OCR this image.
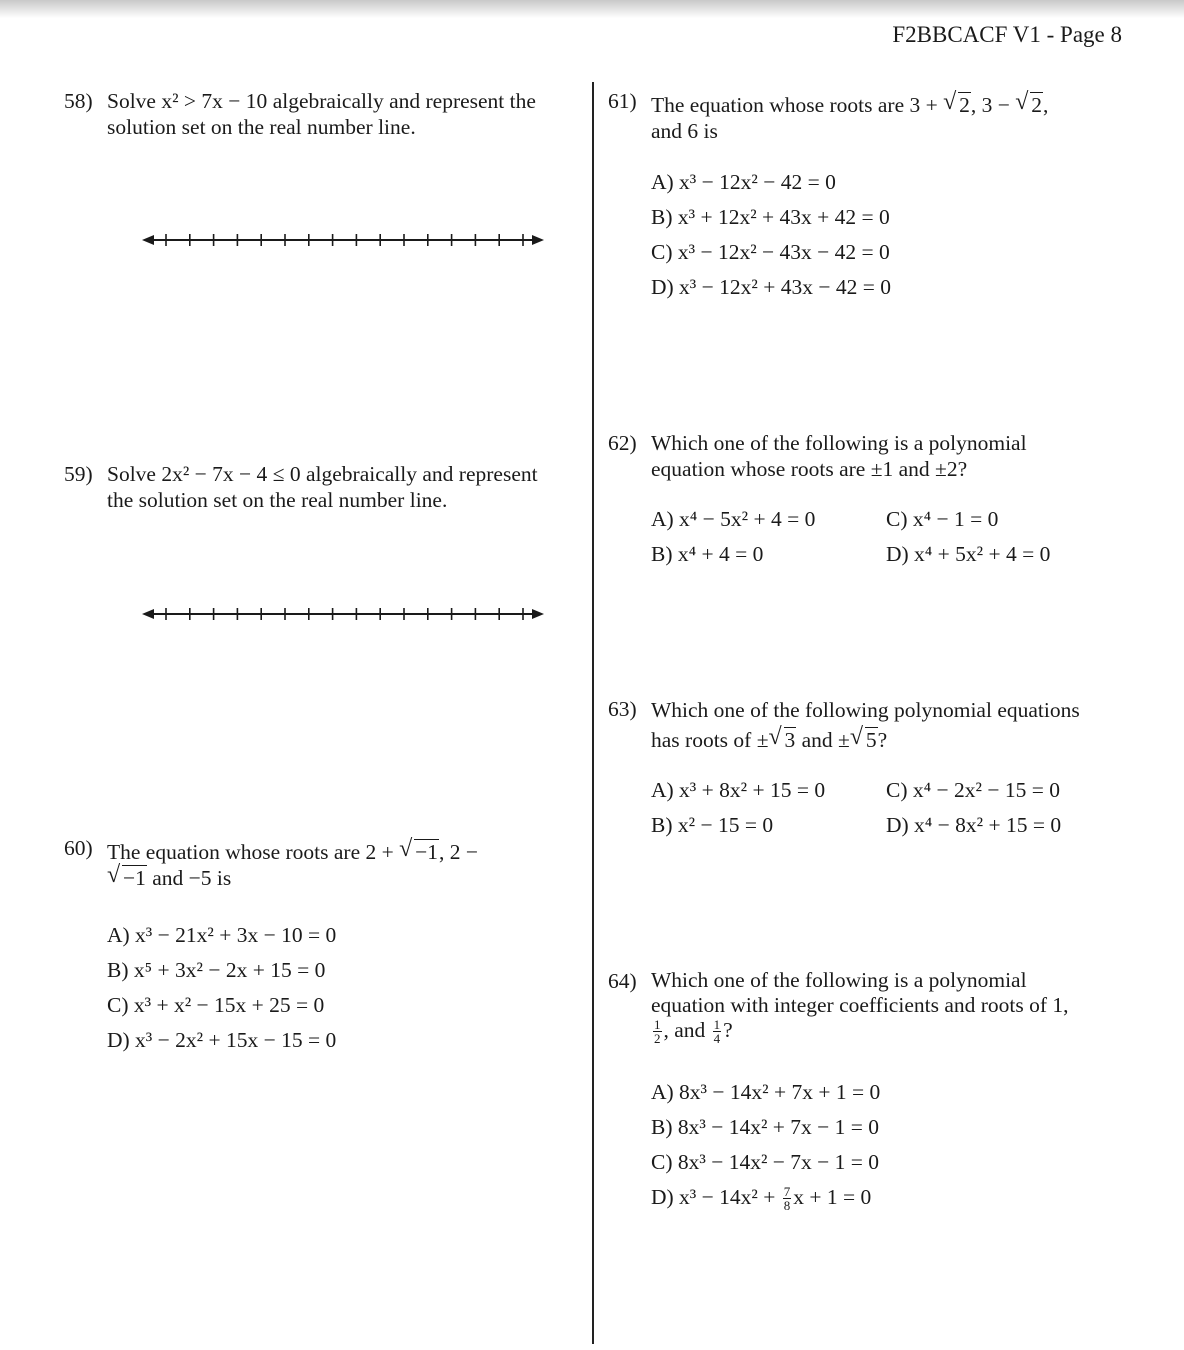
F2BBCACF V1 - Page 8
58) Solve x² > 7x − 10 algebraically and represent the
solution set on the real number line.
59) Solve 2x² − 7x − 4 ≤ 0 algebraically and represent
the solution set on the real number line.
60) The equation whose roots are 2 + √ −1, 2 −
√ −1 and −5 is
A) x³ − 21x² + 3x − 10 = 0
B) x⁵ + 3x² − 2x + 15 = 0
C) x³ + x² − 15x + 25 = 0
D) x³ − 2x² + 15x − 15 = 0
61) The equation whose roots are 3 + √ 2, 3 − √ 2,
and 6 is
A) x³ − 12x² − 42 = 0
B) x³ + 12x² + 43x + 42 = 0
C) x³ − 12x² − 43x − 42 = 0
D) x³ − 12x² + 43x − 42 = 0
62) Which one of the following is a polynomial
equation whose roots are ±1 and ±2?
A) x⁴ − 5x² + 4 = 0
B) x⁴ + 4 = 0
C) x⁴ − 1 = 0
D) x⁴ + 5x² + 4 = 0
63) Which one of the following polynomial equations
has roots of ± √ 3 and ± √ 5?
A) x³ + 8x² + 15 = 0
B) x² − 15 = 0
C) x⁴ − 2x² − 15 = 0
D) x⁴ − 8x² + 15 = 0
64) Which one of the following is a polynomial
equation with integer coefficients and roots of 1,

$\frac{1}{2}$ , and $\frac{1}{4}$ ?
A) 8x³ − 14x² + 7x + 1 = 0
B) 8x³ − 14x² + 7x − 1 = 0
C) 8x³ − 14x² − 7x − 1 = 0
D) $x^3 - 14x^2 + \frac{7}{8}$ x + 1 = 0
